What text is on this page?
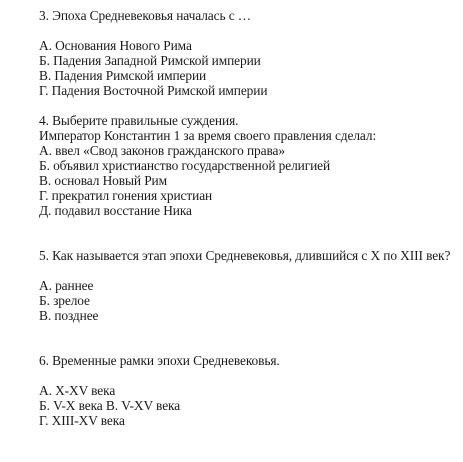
3. Эпоха Средневековья началась с …
А. Основания Нового Рима
Б. Падения Западной Римской империи
В. Падения Римской империи
Г. Падения Восточной Римской империи
4. Выберите правильные суждения.
Император Константин 1 за время своего правления сделал:
А. ввел «Свод законов гражданского права»
Б. объявил христианство государственной религией
В. основал Новый Рим
Г. прекратил гонения христиан
Д. подавил восстание Ника
5. Как называется этап эпохи Средневековья, длившийся с X по XIII век?
А. раннее
Б. зрелое
В. позднее
6. Временные рамки эпохи Средневековья.
А. X-XV века
Б. V-X века В. V-XV века
Г. XIII-XV века
